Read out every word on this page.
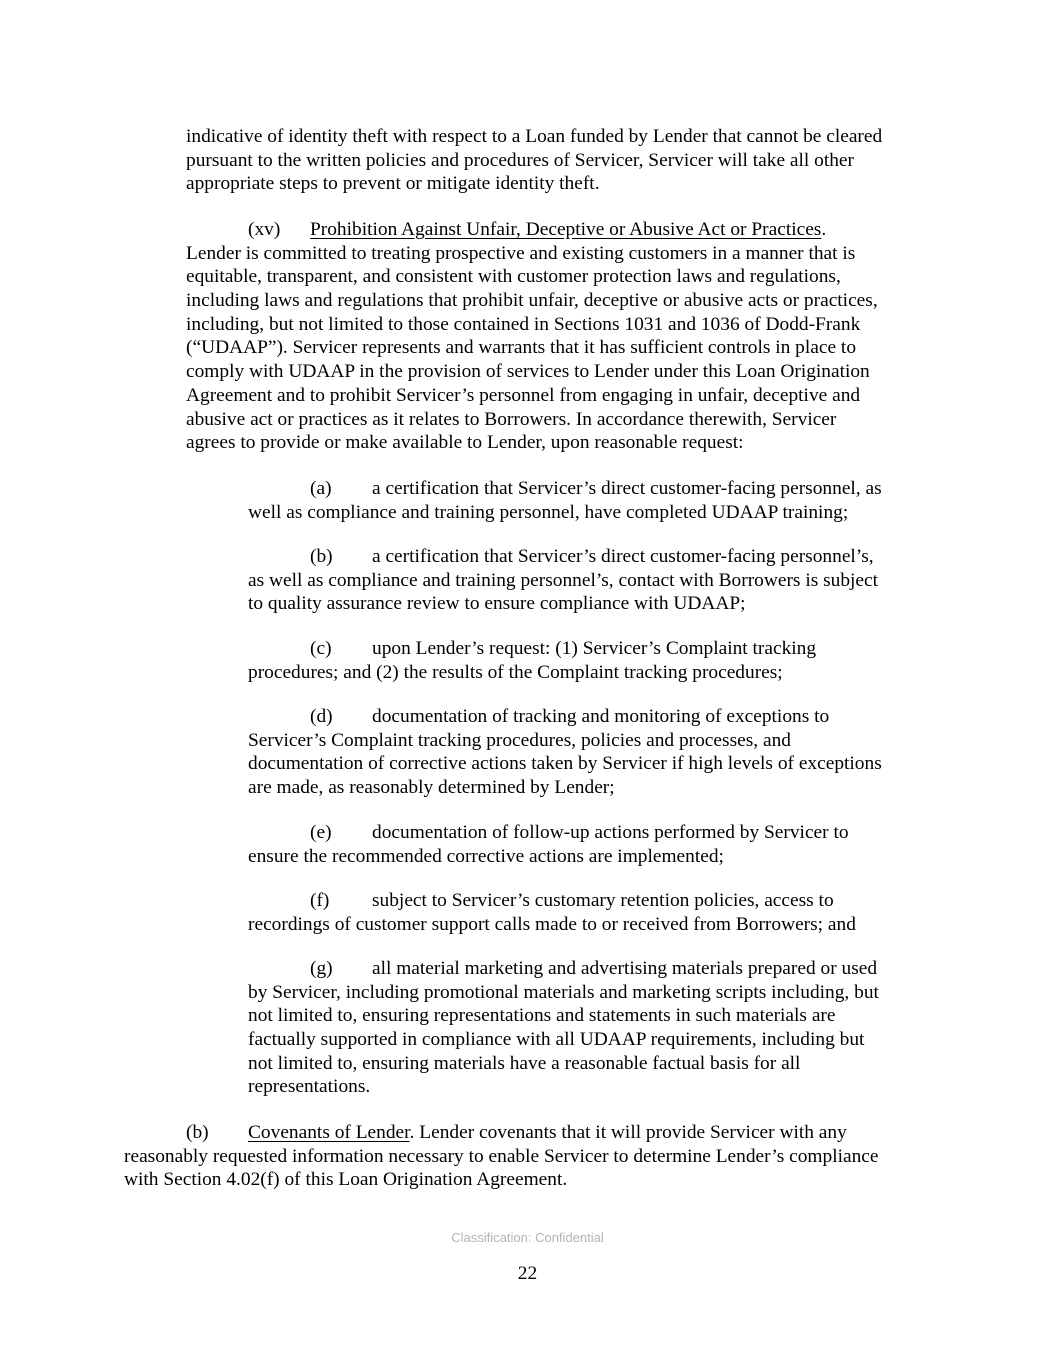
indicative of identity theft with respect to a Loan funded by Lender that cannot be cleared
pursuant to the written policies and procedures of Servicer, Servicer will take all other
appropriate steps to prevent or mitigate identity theft.
(xv) Prohibition Against Unfair, Deceptive or Abusive Act or Practices.
Lender is committed to treating prospective and existing customers in a manner that is
equitable, transparent, and consistent with customer protection laws and regulations,
including laws and regulations that prohibit unfair, deceptive or abusive acts or practices,
including, but not limited to those contained in Sections 1031 and 1036 of Dodd-Frank
(“UDAAP”). Servicer represents and warrants that it has sufficient controls in place to
comply with UDAAP in the provision of services to Lender under this Loan Origination
Agreement and to prohibit Servicer’s personnel from engaging in unfair, deceptive and
abusive act or practices as it relates to Borrowers. In accordance therewith, Servicer
agrees to provide or make available to Lender, upon reasonable request:
(a) a certification that Servicer’s direct customer-facing personnel, as
well as compliance and training personnel, have completed UDAAP training;
(b) a certification that Servicer’s direct customer-facing personnel’s,
as well as compliance and training personnel’s, contact with Borrowers is subject
to quality assurance review to ensure compliance with UDAAP;
(c) upon Lender’s request: (1) Servicer’s Complaint tracking
procedures; and (2) the results of the Complaint tracking procedures;
(d) documentation of tracking and monitoring of exceptions to
Servicer’s Complaint tracking procedures, policies and processes, and
documentation of corrective actions taken by Servicer if high levels of exceptions
are made, as reasonably determined by Lender;
(e) documentation of follow-up actions performed by Servicer to
ensure the recommended corrective actions are implemented;
(f) subject to Servicer’s customary retention policies, access to
recordings of customer support calls made to or received from Borrowers; and
(g) all material marketing and advertising materials prepared or used
by Servicer, including promotional materials and marketing scripts including, but
not limited to, ensuring representations and statements in such materials are
factually supported in compliance with all UDAAP requirements, including but
not limited to, ensuring materials have a reasonable factual basis for all
representations.
(b) Covenants of Lender. Lender covenants that it will provide Servicer with any
reasonably requested information necessary to enable Servicer to determine Lender’s compliance
with Section 4.02(f) of this Loan Origination Agreement.
Classification: Confidential
22
